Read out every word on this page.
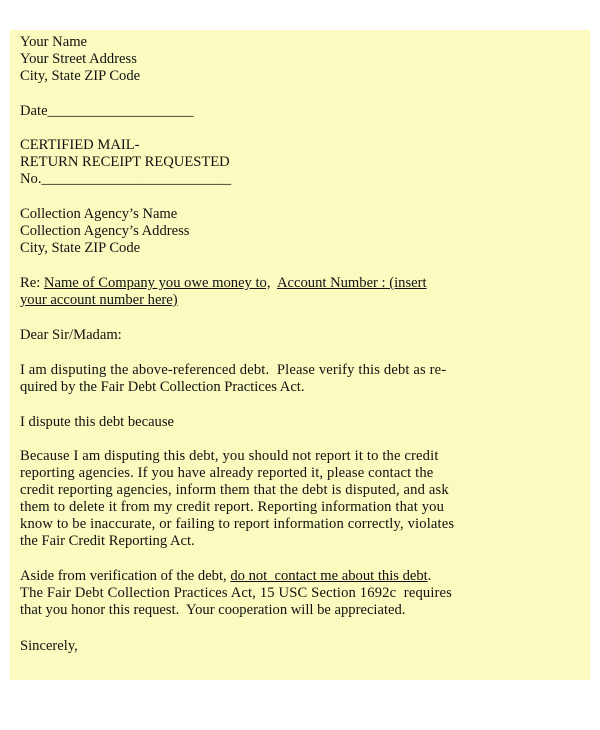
Your Name

Your Street Address

City, State ZIP Code

Date____________________

CERTIFIED MAIL-

RETURN RECEIPT REQUESTED

No.__________________________

Collection Agency’s Name

Collection Agency’s Address

City, State ZIP Code

Re: Name of Company you owe money to, Account Number : (insert

your account number here)

Dear Sir/Madam:

I am disputing the above-referenced debt.  Please verify this debt as re-

quired by the Fair Debt Collection Practices Act.

I dispute this debt because

Because I am disputing this debt, you should not report it to the credit

reporting agencies. If you have already reported it, please contact the

credit reporting agencies, inform them that the debt is disputed, and ask

them to delete it from my credit report. Reporting information that you

know to be inaccurate, or failing to report information correctly, violates

the Fair Credit Reporting Act.

Aside from verification of the debt, do not  contact me about this debt.

The Fair Debt Collection Practices Act, 15 USC Section 1692c  requires

that you honor this request.  Your cooperation will be appreciated.

Sincerely,
